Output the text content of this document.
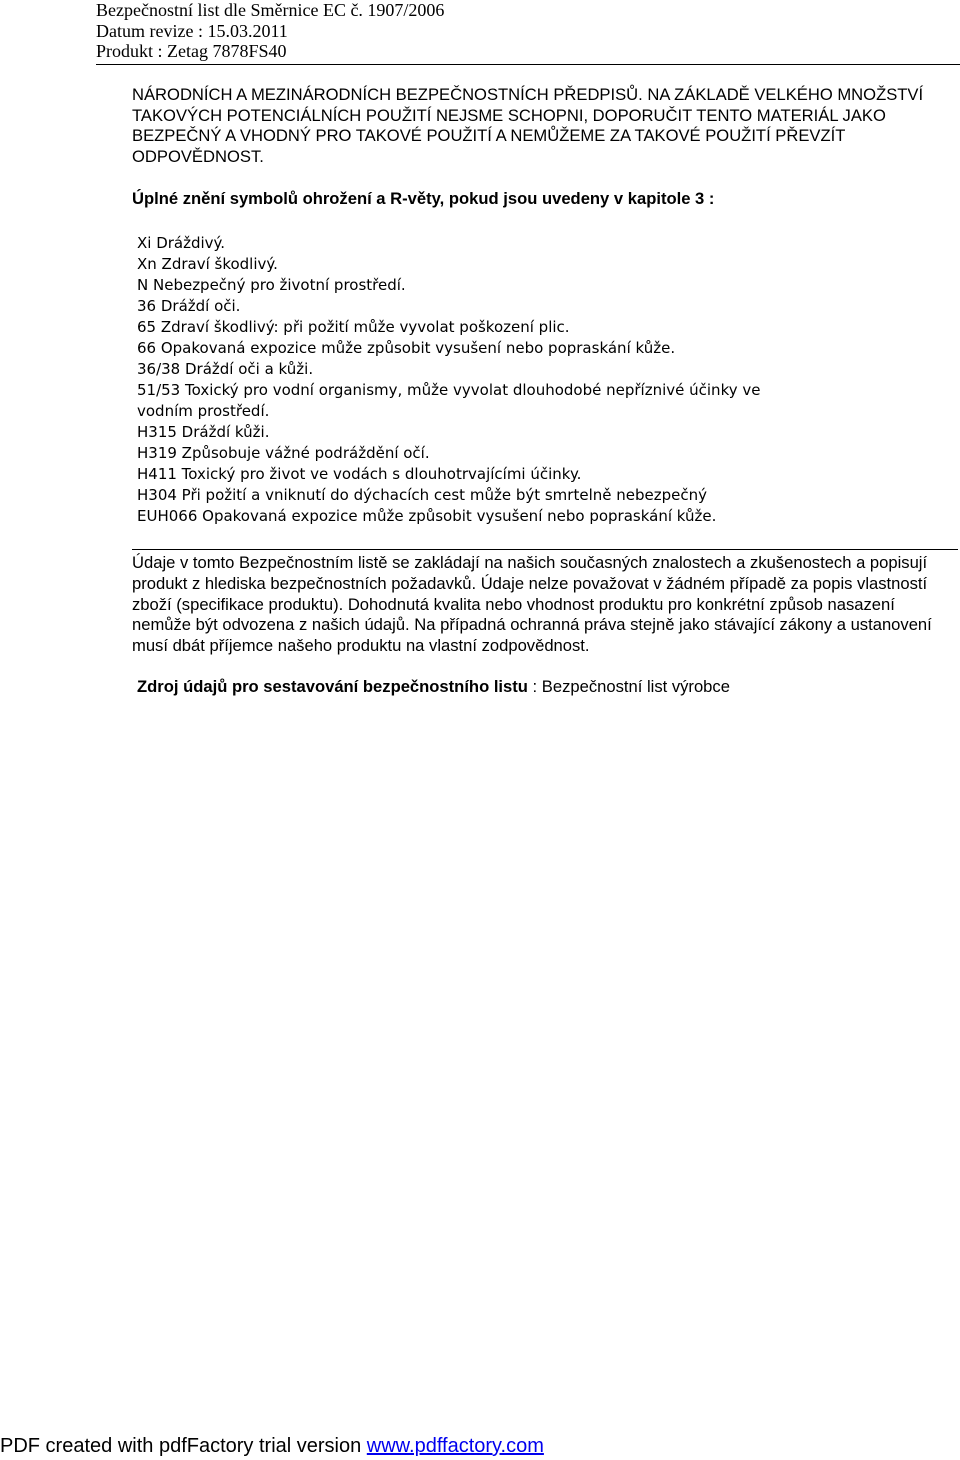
Bezpečnostní list dle Směrnice EC č. 1907/2006
Datum revize : 15.03.2011
Produkt : Zetag 7878FS40
NÁRODNÍCH A MEZINÁRODNÍCH BEZPEČNOSTNÍCH PŘEDPISŮ. NA ZÁKLADĚ VELKÉHO MNOŽSTVÍ TAKOVÝCH POTENCIÁLNÍCH POUŽITÍ NEJSME SCHOPNI, DOPORUČIT TENTO MATERIÁL JAKO BEZPEČNÝ A VHODNÝ PRO TAKOVÉ POUŽITÍ A NEMŮŽEME ZA TAKOVÉ POUŽITÍ PŘEVZÍT ODPOVĚDNOST.
Úplné znění symbolů ohrožení a R-věty, pokud jsou uvedeny v kapitole 3 :
Xi Dráždivý.
Xn Zdraví škodlivý.
N Nebezpečný pro životní prostředí.
36 Dráždí oči.
65 Zdraví škodlivý: při požití může vyvolat poškození plic.
66 Opakovaná expozice může způsobit vysušení nebo popraskání kůže.
36/38 Dráždí oči a kůži.
51/53 Toxický pro vodní organismy, může vyvolat dlouhodobé nepříznivé účinky ve vodním prostředí.
H315 Dráždí kůži.
H319 Způsobuje vážné podráždění očí.
H411 Toxický pro život ve vodách s dlouhotrvajícími účinky.
H304 Při požití a vniknutí do dýchacích cest může být smrtelně nebezpečný
EUH066 Opakovaná expozice může způsobit vysušení nebo popraskání kůže.
Údaje v tomto Bezpečnostním listě se zakládají na našich současných znalostech a zkušenostech a popisují produkt z hlediska bezpečnostních požadavků. Údaje nelze považovat v žádném případě za popis vlastností zboží (specifikace produktu). Dohodnutá kvalita nebo vhodnost produktu pro konkrétní způsob nasazení nemůže být odvozena z našich údajů. Na případná ochranná práva stejně jako stávající zákony a ustanovení musí dbát příjemce našeho produktu na vlastní zodpovědnost.
Zdroj údajů pro sestavování bezpečnostního listu : Bezpečnostní list výrobce
PDF created with pdfFactory trial version www.pdffactory.com
